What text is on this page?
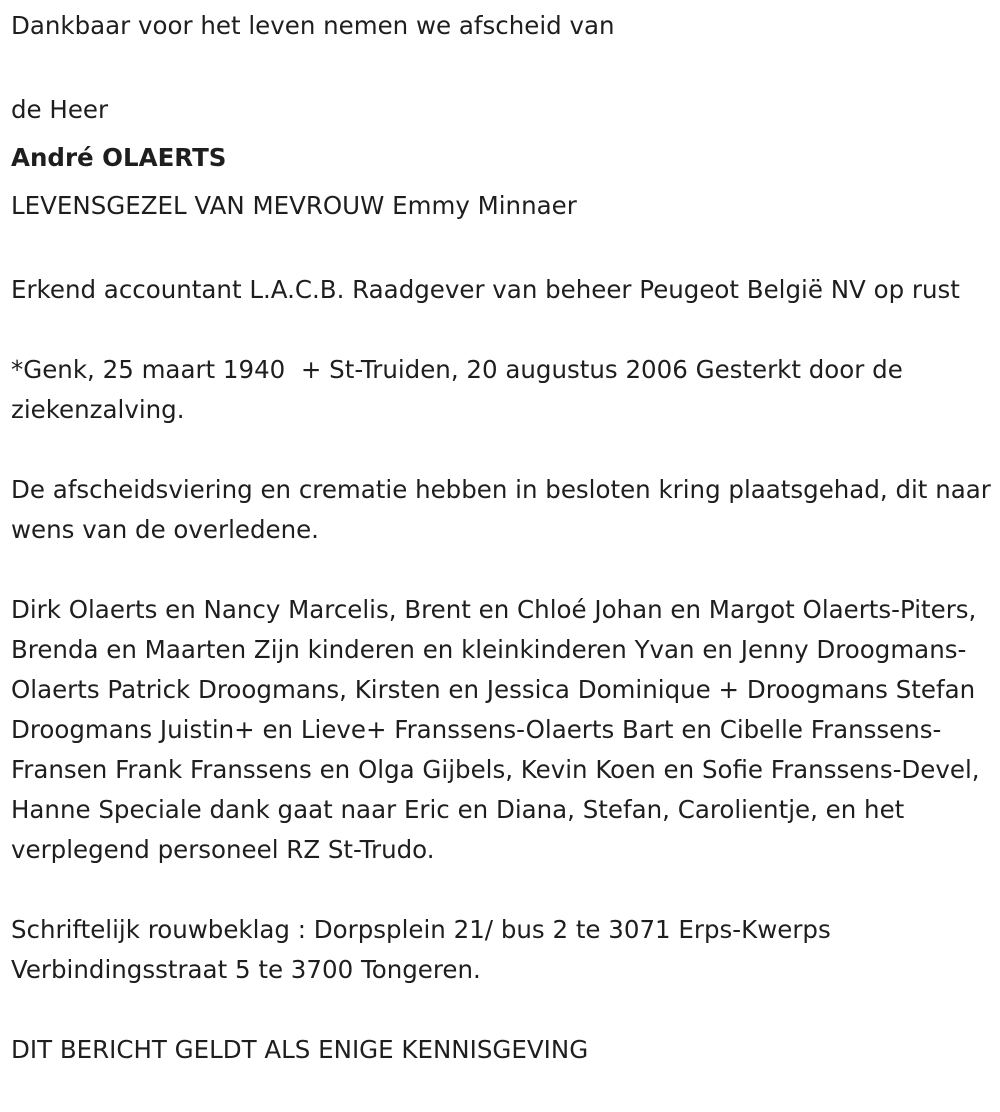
Dankbaar voor het leven nemen we afscheid van

de Heer

André OLAERTS

LEVENSGEZEL VAN MEVROUW Emmy Minnaer

Erkend accountant L.A.C.B. Raadgever van beheer Peugeot België NV op rust

*Genk, 25 maart 1940  + St-Truiden, 20 augustus 2006 Gesterkt door de ziekenzalving.

De afscheidsviering en crematie hebben in besloten kring plaatsgehad, dit naar wens van de overledene.

Dirk Olaerts en Nancy Marcelis, Brent en Chloé Johan en Margot Olaerts-Piters, Brenda en Maarten Zijn kinderen en kleinkinderen Yvan en Jenny Droogmans-Olaerts Patrick Droogmans, Kirsten en Jessica Dominique + Droogmans Stefan Droogmans Juistin+ en Lieve+ Franssens-Olaerts Bart en Cibelle Franssens-Fransen Frank Franssens en Olga Gijbels, Kevin Koen en Sofie Franssens-Devel, Hanne Speciale dank gaat naar Eric en Diana, Stefan, Carolientje, en het verplegend personeel RZ St-Trudo.

Schriftelijk rouwbeklag : Dorpsplein 21/ bus 2 te 3071 Erps-Kwerps Verbindingsstraat 5 te 3700 Tongeren.

DIT BERICHT GELDT ALS ENIGE KENNISGEVING
